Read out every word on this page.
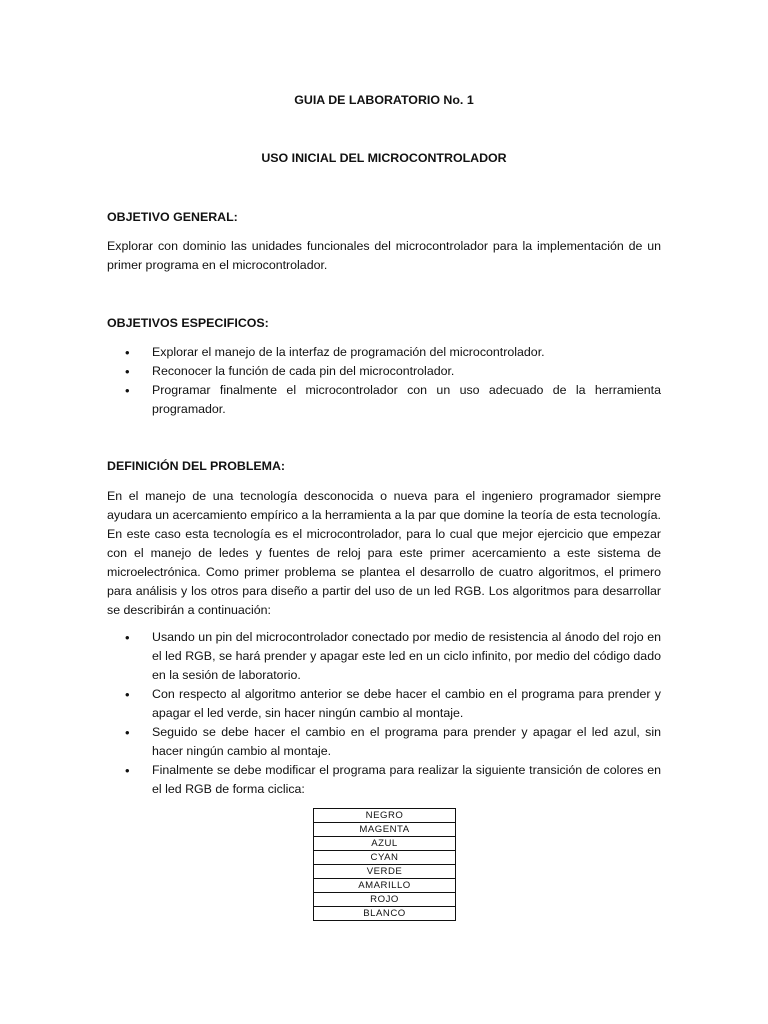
GUIA DE LABORATORIO No. 1
USO INICIAL DEL MICROCONTROLADOR
OBJETIVO GENERAL:

Explorar con dominio las unidades funcionales del microcontrolador para la implementación de un primer programa en el microcontrolador.

OBJETIVOS ESPECIFICOS:
• Explorar el manejo de la interfaz de programación del microcontrolador.
• Reconocer la función de cada pin del microcontrolador.
• Programar finalmente el microcontrolador con un uso adecuado de la herramienta programador.
DEFINICIÓN DEL PROBLEMA:

En el manejo de una tecnología desconocida o nueva para el ingeniero programador siempre ayudara un acercamiento empírico a la herramienta a la par que domine la teoría de esta tecnología. En este caso esta tecnología es el microcontrolador, para lo cual que mejor ejercicio que empezar con el manejo de ledes y fuentes de reloj para este primer acercamiento a este sistema de microelectrónica. Como primer problema se plantea el desarrollo de cuatro algoritmos, el primero para análisis y los otros para diseño a partir del uso de un led RGB. Los algoritmos para desarrollar se describirán a continuación:

• Usando un pin del microcontrolador conectado por medio de resistencia al ánodo del rojo en el led RGB, se hará prender y apagar este led en un ciclo infinito, por medio del código dado en la sesión de laboratorio.
• Con respecto al algoritmo anterior se debe hacer el cambio en el programa para prender y apagar el led verde, sin hacer ningún cambio al montaje.
• Seguido se debe hacer el cambio en el programa para prender y apagar el led azul, sin hacer ningún cambio al montaje.
• Finalmente se debe modificar el programa para realizar la siguiente transición de colores en el led RGB de forma ciclica:
NEGRO
MAGENTA
AZUL
CYAN
VERDE
AMARILLO
ROJO
BLANCO
